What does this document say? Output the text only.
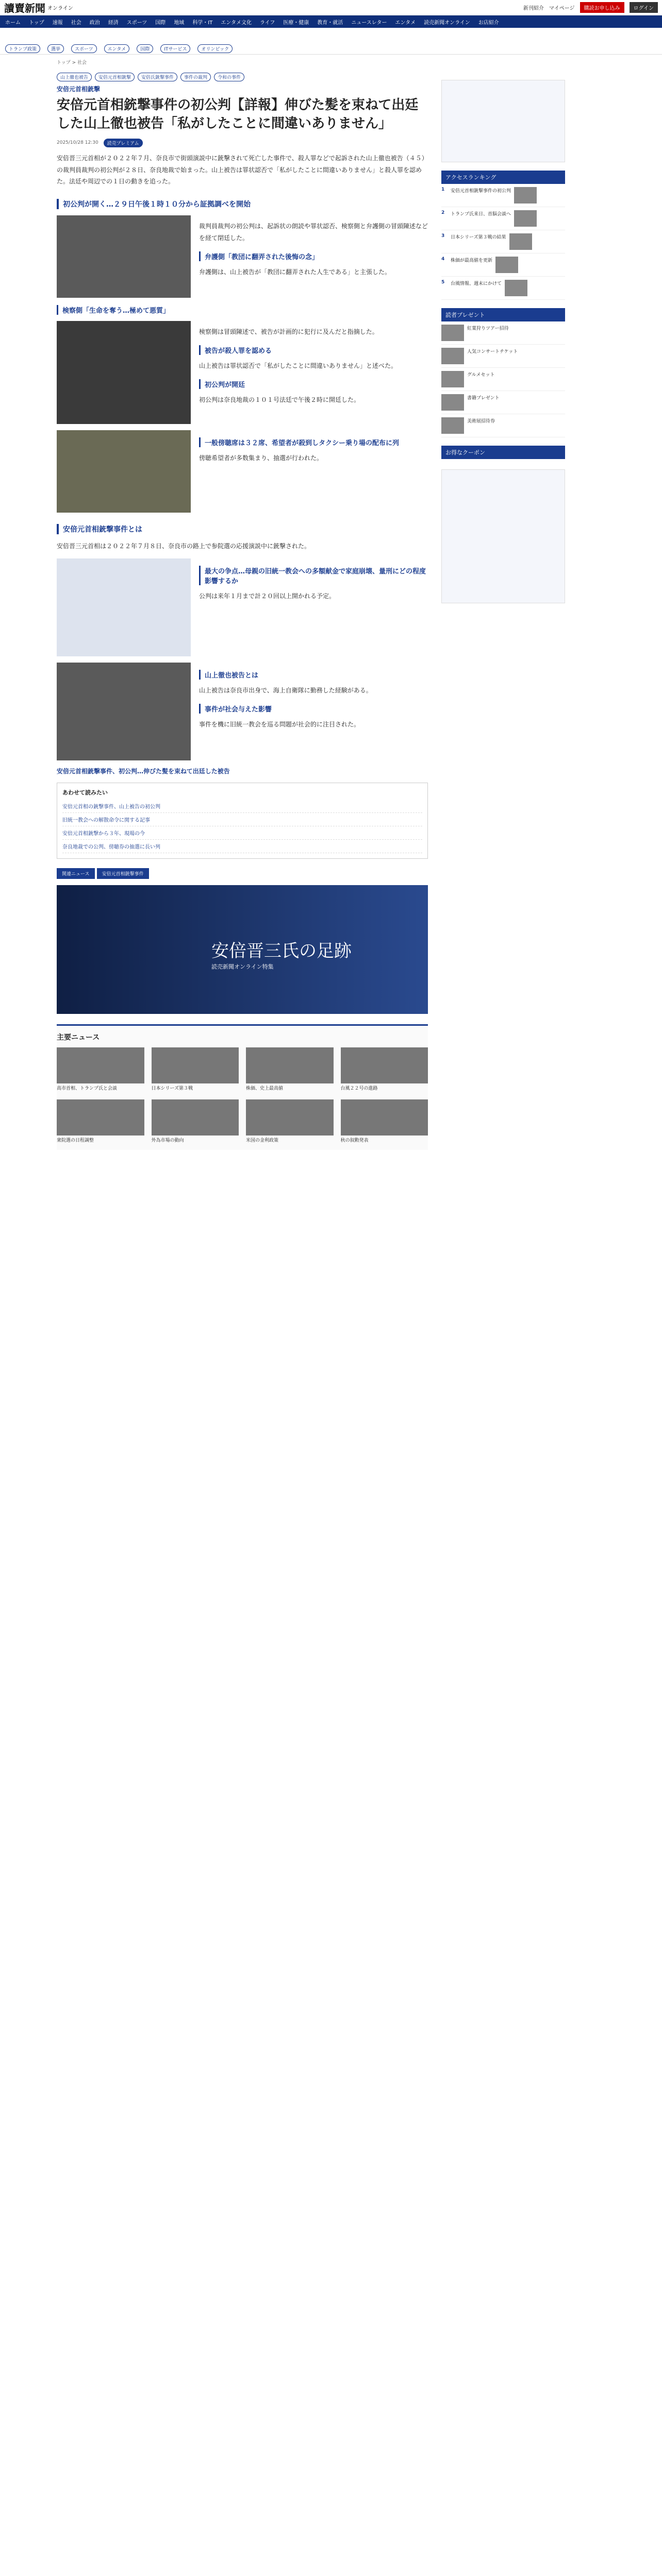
讀賣新聞 オンライン	新刊紹介 マイページ	購読お申し込み	ログイン
ホーム トップ 速報 社会 政治 経済 スポーツ 国際 地域 科学・IT エンタメ文化 ライフ 医療・健康 教育・就活 ニュースレター エンタメ 読売新聞オンライン お店紹介
トランプ政策	選挙	スポーツ	エンタメ	国際	ITサービス	オリンピック
トップ > 社会
山上徹也被告	安倍元首相銃撃	安倍氏銃撃事件	事件の裁判	令和の事件
安倍元首相銃撃
安倍元首相銃撃事件の初公判【詳報】伸びた髪を束ねて出廷した山上徹也被告「私がしたことに間違いありません」
2025/10/28 12:30	読売プレミアム

安倍晋三元首相が２０２２年７月、奈良市で街頭演説中に銃撃されて死亡した事件で、殺人罪などで起訴された山上徹也被告（４５）の裁判員裁判の初公判が２８日、奈良地裁で始まった。山上被告は罪状認否で「私がしたことに間違いありません」と殺人罪を認めた。法廷や周辺での１日の動きを追った。

初公判が開く…２９日午後１時１０分から証拠調べを開始

裁判員裁判の初公判は、起訴状の朗読や罪状認否、検察側と弁護側の冒頭陳述などを経て閉廷した。

弁護側「教団に翻弄された後悔の念」

弁護側は、山上被告が「教団に翻弄された人生である」と主張した。

検察側「生命を奪う…極めて悪質」

検察側は冒頭陳述で、被告が計画的に犯行に及んだと指摘した。

被告が殺人罪を認める

山上被告は罪状認否で「私がしたことに間違いありません」と述べた。

初公判が開廷

初公判は奈良地裁の１０１号法廷で午後２時に開廷した。

一般傍聴席は３２席、希望者が殺到しタクシー乗り場の配布に列

傍聴希望者が多数集まり、抽選が行われた。

安倍元首相銃撃事件とは

安倍晋三元首相は２０２２年７月８日、奈良市の路上で参院選の応援演説中に銃撃された。

最大の争点…母親の旧統一教会への多額献金で家庭崩壊、量刑にどの程度影響するか

公判は来年１月まで計２０回以上開かれる予定。

山上徹也被告とは

山上被告は奈良市出身で、海上自衛隊に勤務した経験がある。

事件が社会与えた影響

事件を機に旧統一教会を巡る問題が社会的に注目された。

安倍元首相銃撃事件、初公判…伸びた髪を束ねて出廷した被告
あわせて読みたい
安倍元首相の銃撃事件、山上被告の初公判
旧統一教会への解散命令に関する記事
安倍元首相銃撃から３年、現場の今
奈良地裁での公判、傍聴券の抽選に長い列
関連ニュース	安倍元首相銃撃事件
安倍晋三氏の足跡
読売新聞オンライン特集
主要ニュース
高市首相、トランプ氏と会談	日本シリーズ第３戦	株価、史上最高値	台風２２号の進路
衆院選の日程調整	外為市場の動向	米国の金利政策	秋の叙勲発表
アクセスランキング
1	安倍元首相銃撃事件の初公判
2	トランプ氏来日、首脳会談へ
3	日本シリーズ第３戦の結果
4	株価が最高値を更新
5	台風情報、週末にかけて
読者プレゼント
紅葉狩りツアー招待
人気コンサートチケット
グルメセット
書籍プレゼント
美術展招待券
お得なクーポン
